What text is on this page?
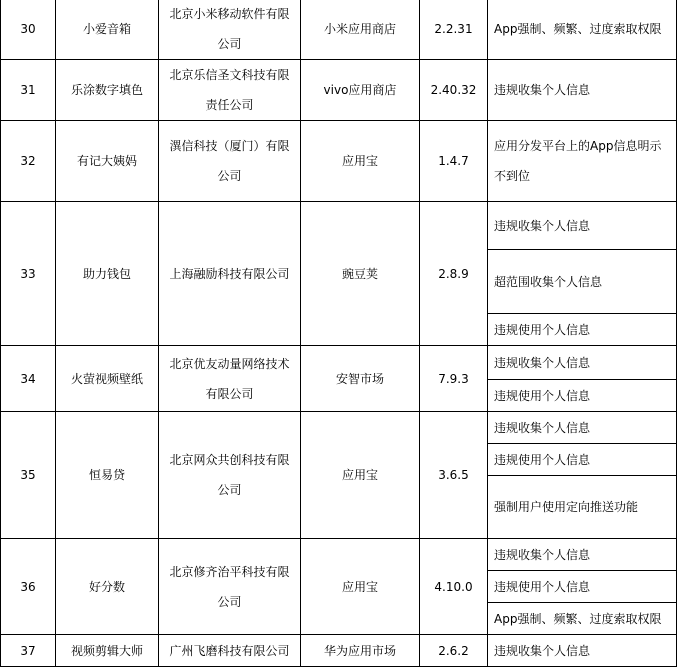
30	小爱音箱	北京小米移动软件有限公司	小米应用商店	2.2.31	App强制、频繁、过度索取权限
31	乐涂数字填色	北京乐信圣文科技有限责任公司	vivo应用商店	2.40.32	违规收集个人信息
32	有记大姨妈	潩信科技（厦门）有限公司	应用宝	1.4.7	应用分发平台上的App信息明示不到位
33	助力钱包	上海融励科技有限公司	豌豆荚	2.8.9	违规收集个人信息
					超范围收集个人信息
					违规使用个人信息
34	火萤视频壁纸	北京优友动量网络技术有限公司	安智市场	7.9.3	违规收集个人信息
					违规使用个人信息
35	恒易贷	北京网众共创科技有限公司	应用宝	3.6.5	违规收集个人信息
					违规使用个人信息
					强制用户使用定向推送功能
36	好分数	北京修齐治平科技有限公司	应用宝	4.10.0	违规收集个人信息
					违规使用个人信息
					App强制、频繁、过度索取权限
37	视频剪辑大师	广州飞磨科技有限公司	华为应用市场	2.6.2	违规收集个人信息
